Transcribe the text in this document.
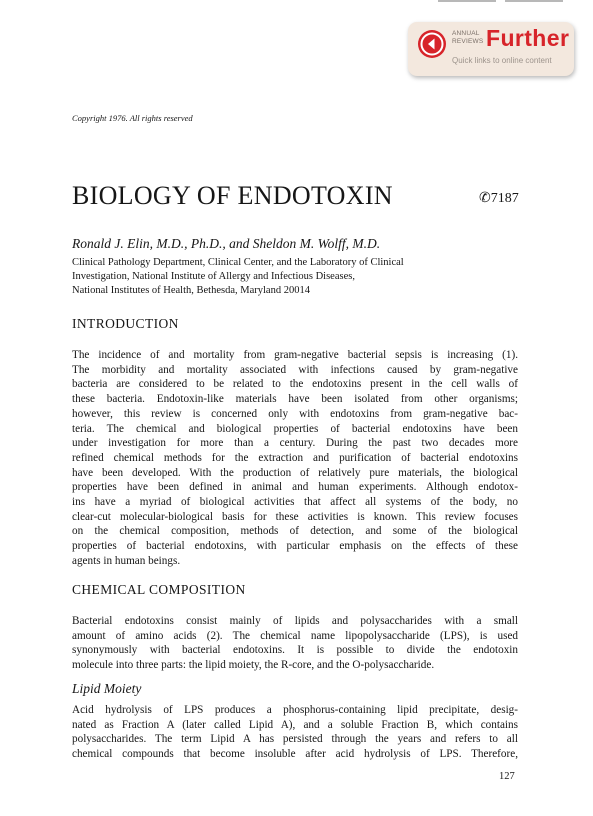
ANNUAL
REVIEWS Further
Quick links to online content
Copyright 1976. All rights reserved
BIOLOGY OF ENDOTOXIN	✆7187
Ronald J. Elin, M.D., Ph.D., and Sheldon M. Wolff, M.D.
Clinical Pathology Department, Clinical Center, and the Laboratory of Clinical
Investigation, National Institute of Allergy and Infectious Diseases,
National Institutes of Health, Bethesda, Maryland 20014
INTRODUCTION
The incidence of and mortality from gram-negative bacterial sepsis is increasing (1).
The morbidity and mortality associated with infections caused by gram-negative
bacteria are considered to be related to the endotoxins present in the cell walls of
these bacteria. Endotoxin-like materials have been isolated from other organisms;
however, this review is concerned only with endotoxins from gram-negative bac-
teria. The chemical and biological properties of bacterial endotoxins have been
under investigation for more than a century. During the past two decades more
refined chemical methods for the extraction and purification of bacterial endotoxins
have been developed. With the production of relatively pure materials, the biological
properties have been defined in animal and human experiments. Although endotox-
ins have a myriad of biological activities that affect all systems of the body, no
clear-cut molecular-biological basis for these activities is known. This review focuses
on the chemical composition, methods of detection, and some of the biological
properties of bacterial endotoxins, with particular emphasis on the effects of these
agents in human beings.
CHEMICAL COMPOSITION
Bacterial endotoxins consist mainly of lipids and polysaccharides with a small
amount of amino acids (2). The chemical name lipopolysaccharide (LPS), is used
synonymously with bacterial endotoxins. It is possible to divide the endotoxin
molecule into three parts: the lipid moiety, the R-core, and the O-polysaccharide.
Lipid Moiety
Acid hydrolysis of LPS produces a phosphorus-containing lipid precipitate, desig-
nated as Fraction A (later called Lipid A), and a soluble Fraction B, which contains
polysaccharides. The term Lipid A has persisted through the years and refers to all
chemical compounds that become insoluble after acid hydrolysis of LPS. Therefore,
127
